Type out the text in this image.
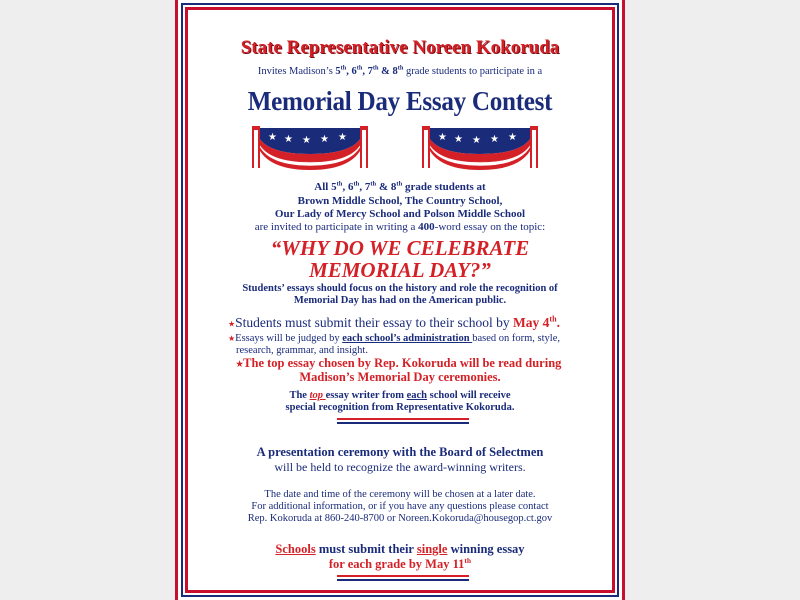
State Representative Noreen Kokoruda
Invites Madison’s 5th, 6th, 7th & 8th grade students to participate in a
Memorial Day Essay Contest
★ ★ ★ ★ ★	★ ★ ★ ★ ★
All 5th, 6th, 7th & 8th grade students at
Brown Middle School, The Country School,
Our Lady of Mercy School and Polson Middle School
are invited to participate in writing a 400-word essay on the topic:
“WHY DO WE CELEBRATE
MEMORIAL DAY?”
Students’ essays should focus on the history and role the recognition of
Memorial Day has had on the American public.
★Students must submit their essay to their school by May 4th.
★Essays will be judged by each school’s administration based on form, style,
research, grammar, and insight.
★The top essay chosen by Rep. Kokoruda will be read during
Madison’s Memorial Day ceremonies.
The top essay writer from each school will receive
special recognition from Representative Kokoruda.
A presentation ceremony with the Board of Selectmen
will be held to recognize the award-winning writers.
The date and time of the ceremony will be chosen at a later date.
For additional information, or if you have any questions please contact
Rep. Kokoruda at 860-240-8700 or Noreen.Kokoruda@housegop.ct.gov
Schools must submit their single winning essay
for each grade by May 11th
